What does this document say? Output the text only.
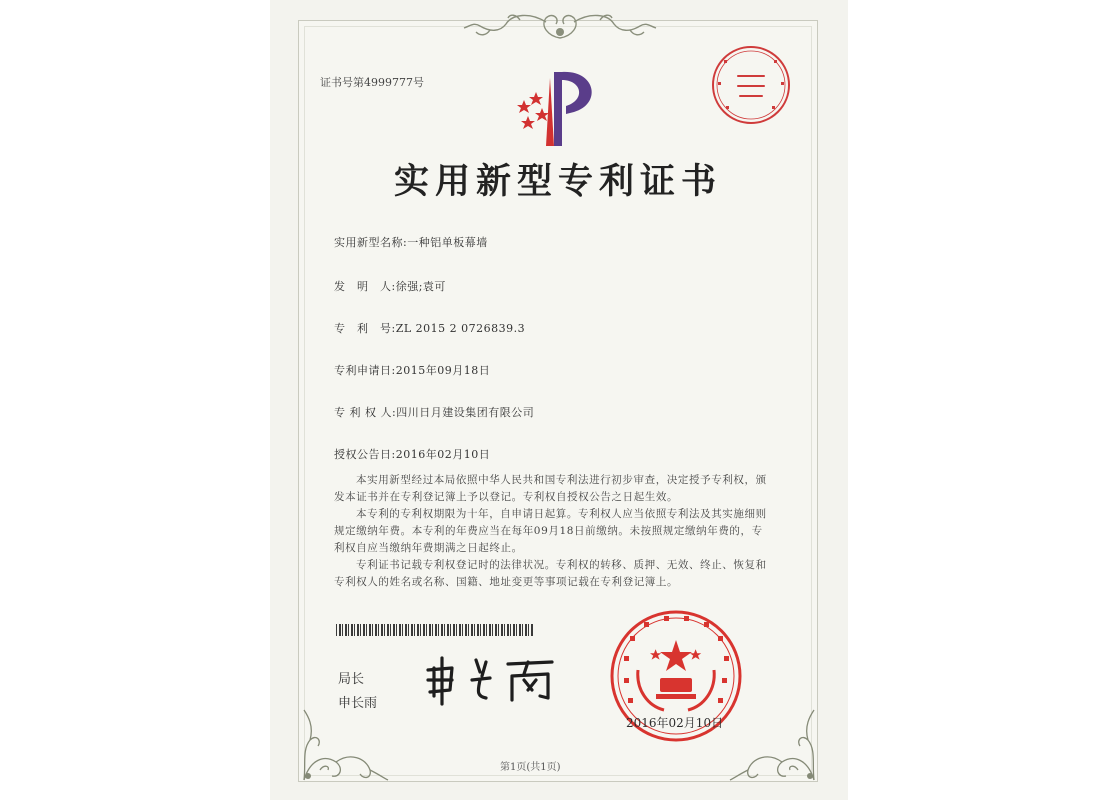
证书号第4999777号
实用新型专利证书
实用新型名称:一种铝单板幕墙
发　明　人:徐强;袁可
专　利　号:ZL 2015 2 0726839.3
专利申请日:2015年09月18日
专 利 权 人:四川日月建设集团有限公司
授权公告日:2016年02月10日

本实用新型经过本局依照中华人民共和国专利法进行初步审查，决定授予专利权，颁

发本证书并在专利登记簿上予以登记。专利权自授权公告之日起生效。

本专利的专利权期限为十年，自申请日起算。专利权人应当依照专利法及其实施细则

规定缴纳年费。本专利的年费应当在每年09月18日前缴纳。未按照规定缴纳年费的，专

利权自应当缴纳年费期满之日起终止。

专利证书记载专利权登记时的法律状况。专利权的转移、质押、无效、终止、恢复和

专利权人的姓名或名称、国籍、地址变更等事项记载在专利登记簿上。

局长
申长雨
2016年02月10日
第1页(共1页)
